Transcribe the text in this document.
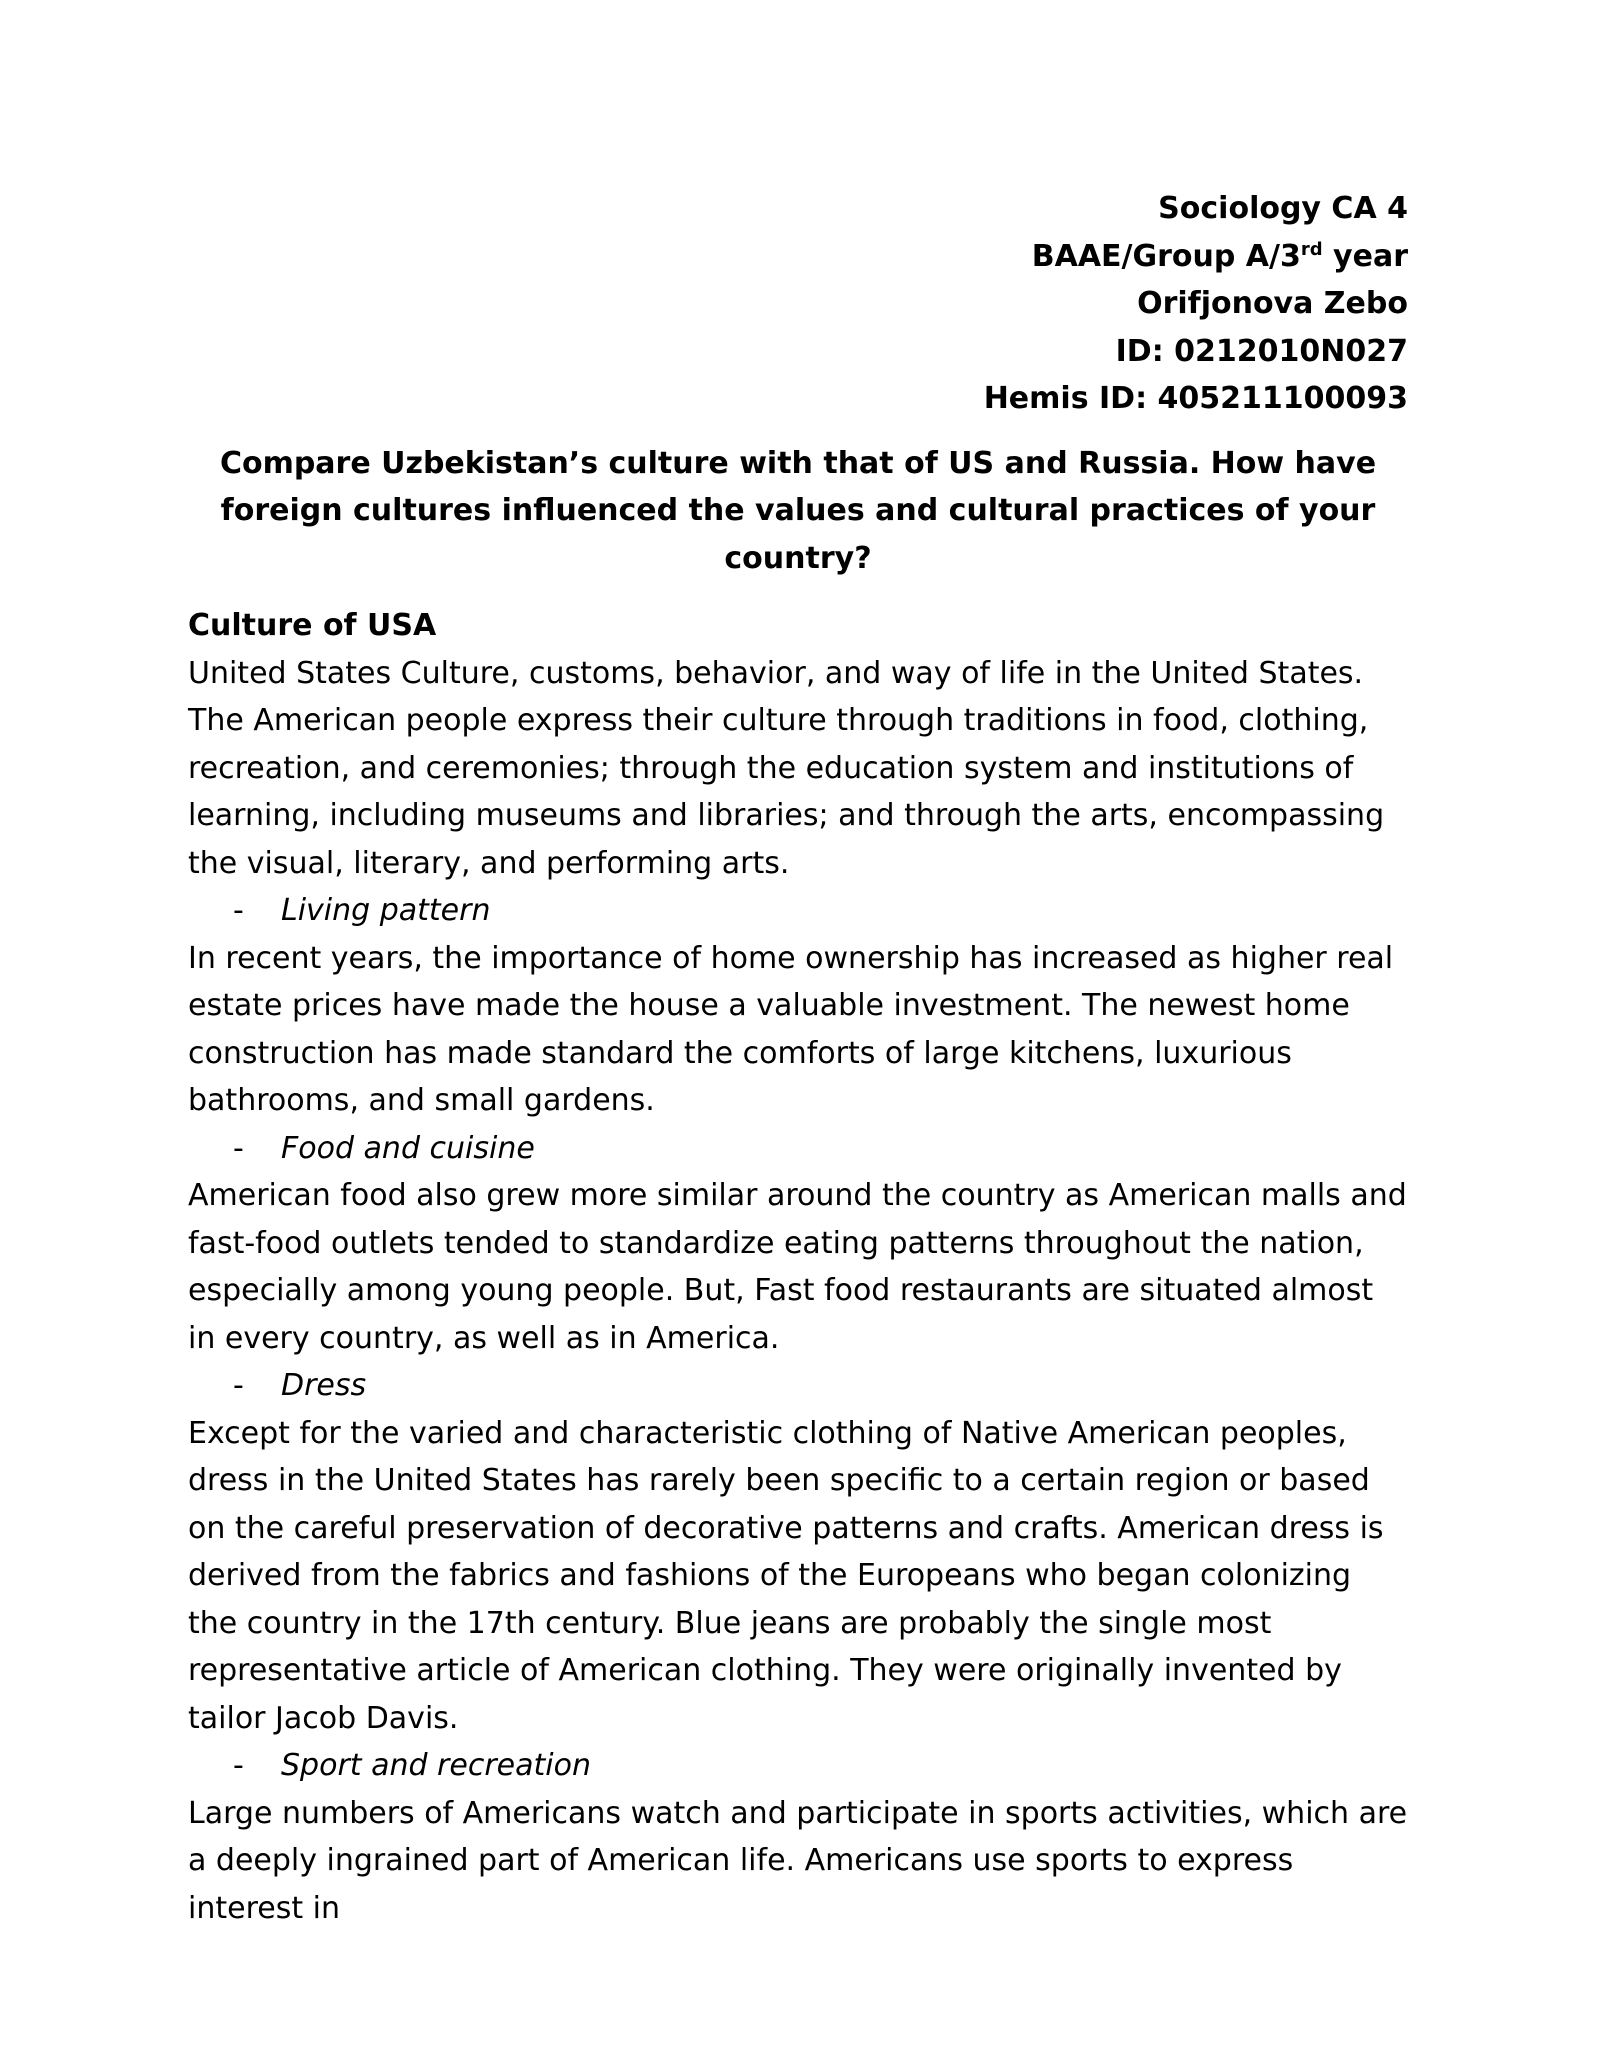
Sociology CA 4
BAAE/Group A/3rd year
Orifjonova Zebo
ID: 0212010N027
Hemis ID: 405211100093
Compare Uzbekistan’s culture with that of US and Russia. How have foreign cultures influenced the values and cultural practices of your country?
Culture of USA

United States Culture, customs, behavior, and way of life in the United States. The American people express their culture through traditions in food, clothing, recreation, and ceremonies; through the education system and institutions of learning, including museums and libraries; and through the arts, encompassing the visual, literary, and performing arts.

-	Living pattern

In recent years, the importance of home ownership has increased as higher real estate prices have made the house a valuable investment. The newest home construction has made standard the comforts of large kitchens, luxurious bathrooms, and small gardens.

-	Food and cuisine

American food also grew more similar around the country as American malls and fast-food outlets tended to standardize eating patterns throughout the nation, especially among young people. But, Fast food restaurants are situated almost in every country, as well as in America.

-	Dress

Except for the varied and characteristic clothing of Native American peoples, dress in the United States has rarely been specific to a certain region or based on the careful preservation of decorative patterns and crafts. American dress is derived from the fabrics and fashions of the Europeans who began colonizing the country in the 17th century. Blue jeans are probably the single most representative article of American clothing. They were originally invented by tailor Jacob Davis.

-	Sport and recreation

Large numbers of Americans watch and participate in sports activities, which are a deeply ingrained part of American life. Americans use sports to express interest in
